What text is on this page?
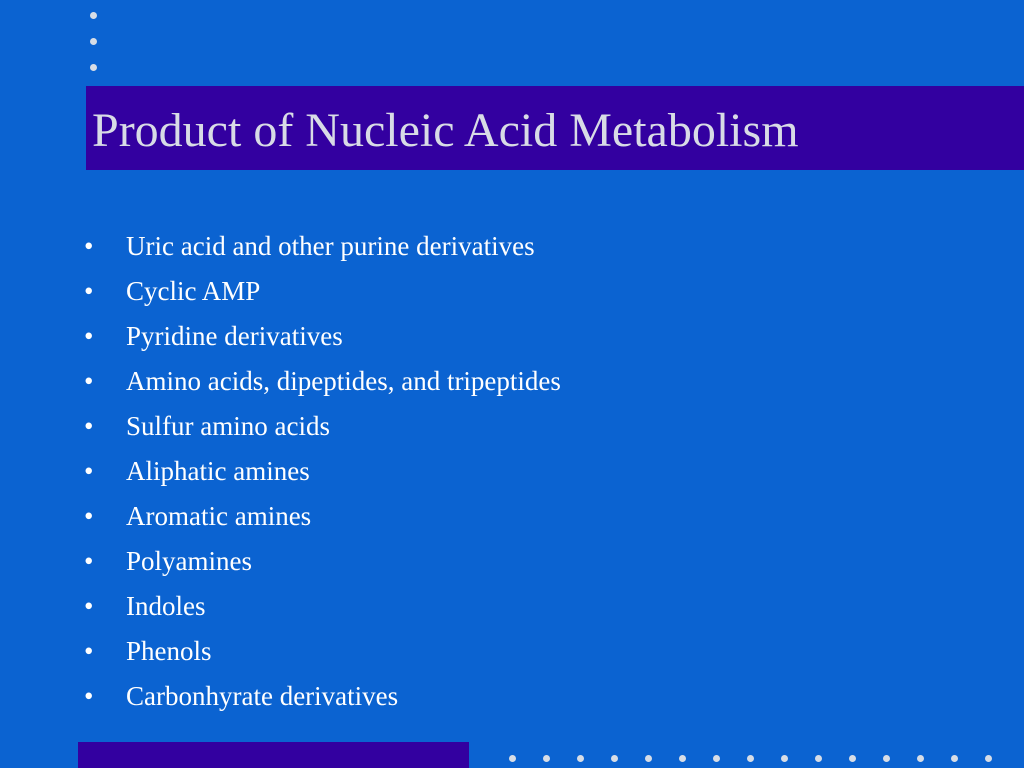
Product of Nucleic Acid Metabolism
•	Uric acid and other purine derivatives
•	Cyclic AMP
•	Pyridine derivatives
•	Amino acids, dipeptides, and tripeptides
•	Sulfur amino acids
•	Aliphatic amines
•	Aromatic amines
•	Polyamines
•	Indoles
•	Phenols
•	Carbonhyrate derivatives
